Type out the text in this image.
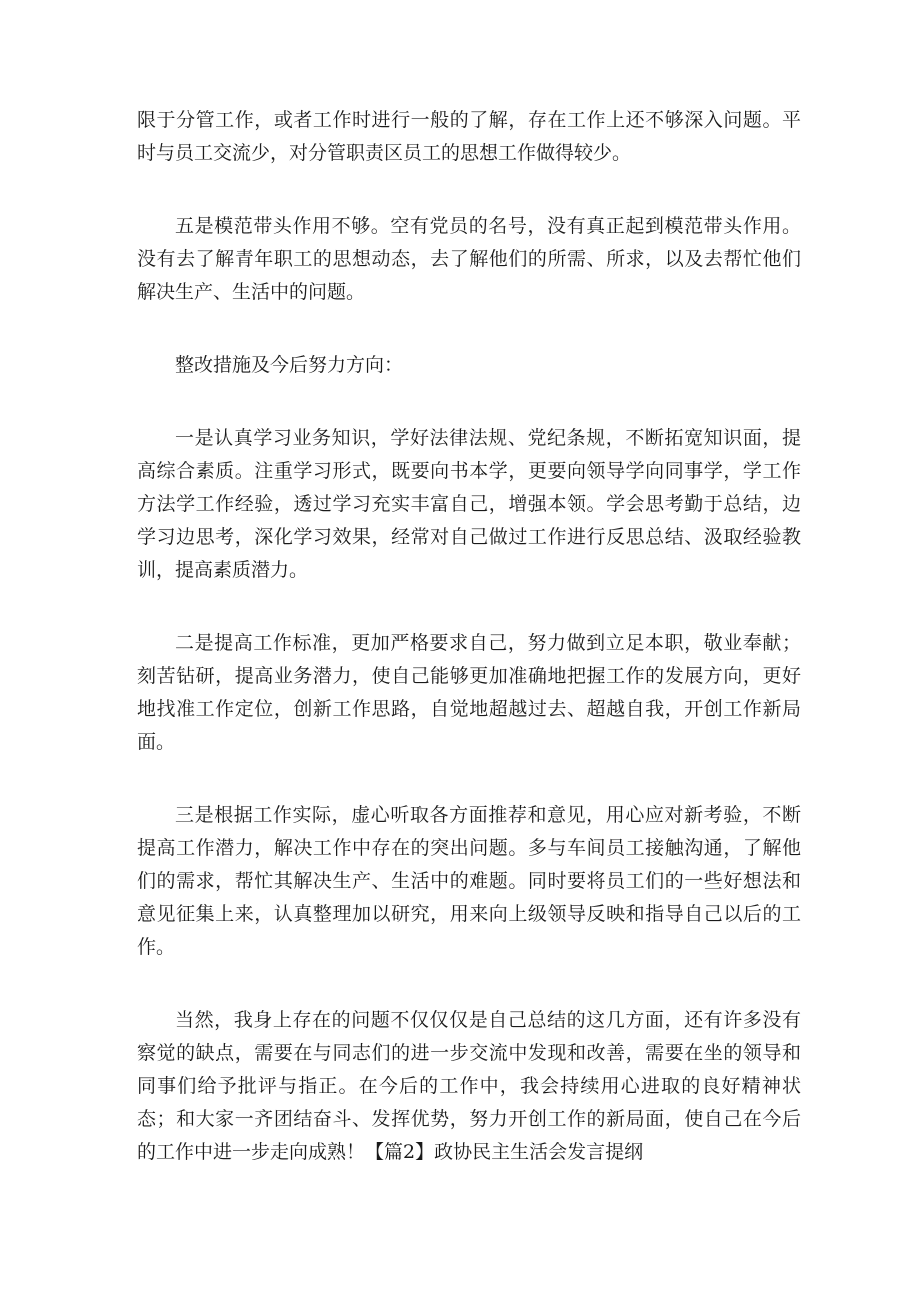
限于分管工作，或者工作时进行一般的了解，存在工作上还不够深入问题。平时与员工交流少，对分管职责区员工的思想工作做得较少。

五是模范带头作用不够。空有党员的名号，没有真正起到模范带头作用。没有去了解青年职工的思想动态，去了解他们的所需、所求，以及去帮忙他们解决生产、生活中的问题。

整改措施及今后努力方向：

一是认真学习业务知识，学好法律法规、党纪条规，不断拓宽知识面，提高综合素质。注重学习形式，既要向书本学，更要向领导学向同事学，学工作方法学工作经验，透过学习充实丰富自己，增强本领。学会思考勤于总结，边学习边思考，深化学习效果，经常对自己做过工作进行反思总结、汲取经验教训，提高素质潜力。

二是提高工作标准，更加严格要求自己，努力做到立足本职，敬业奉献；刻苦钻研，提高业务潜力，使自己能够更加准确地把握工作的发展方向，更好地找准工作定位，创新工作思路，自觉地超越过去、超越自我，开创工作新局面。

三是根据工作实际，虚心听取各方面推荐和意见，用心应对新考验，不断提高工作潜力，解决工作中存在的突出问题。多与车间员工接触沟通，了解他们的需求，帮忙其解决生产、生活中的难题。同时要将员工们的一些好想法和意见征集上来，认真整理加以研究，用来向上级领导反映和指导自己以后的工作。

当然，我身上存在的问题不仅仅仅是自己总结的这几方面，还有许多没有察觉的缺点，需要在与同志们的进一步交流中发现和改善，需要在坐的领导和同事们给予批评与指正。在今后的工作中，我会持续用心进取的良好精神状态；和大家一齐团结奋斗、发挥优势，努力开创工作的新局面，使自己在今后的工作中进一步走向成熟！【篇2】政协民主生活会发言提纲
